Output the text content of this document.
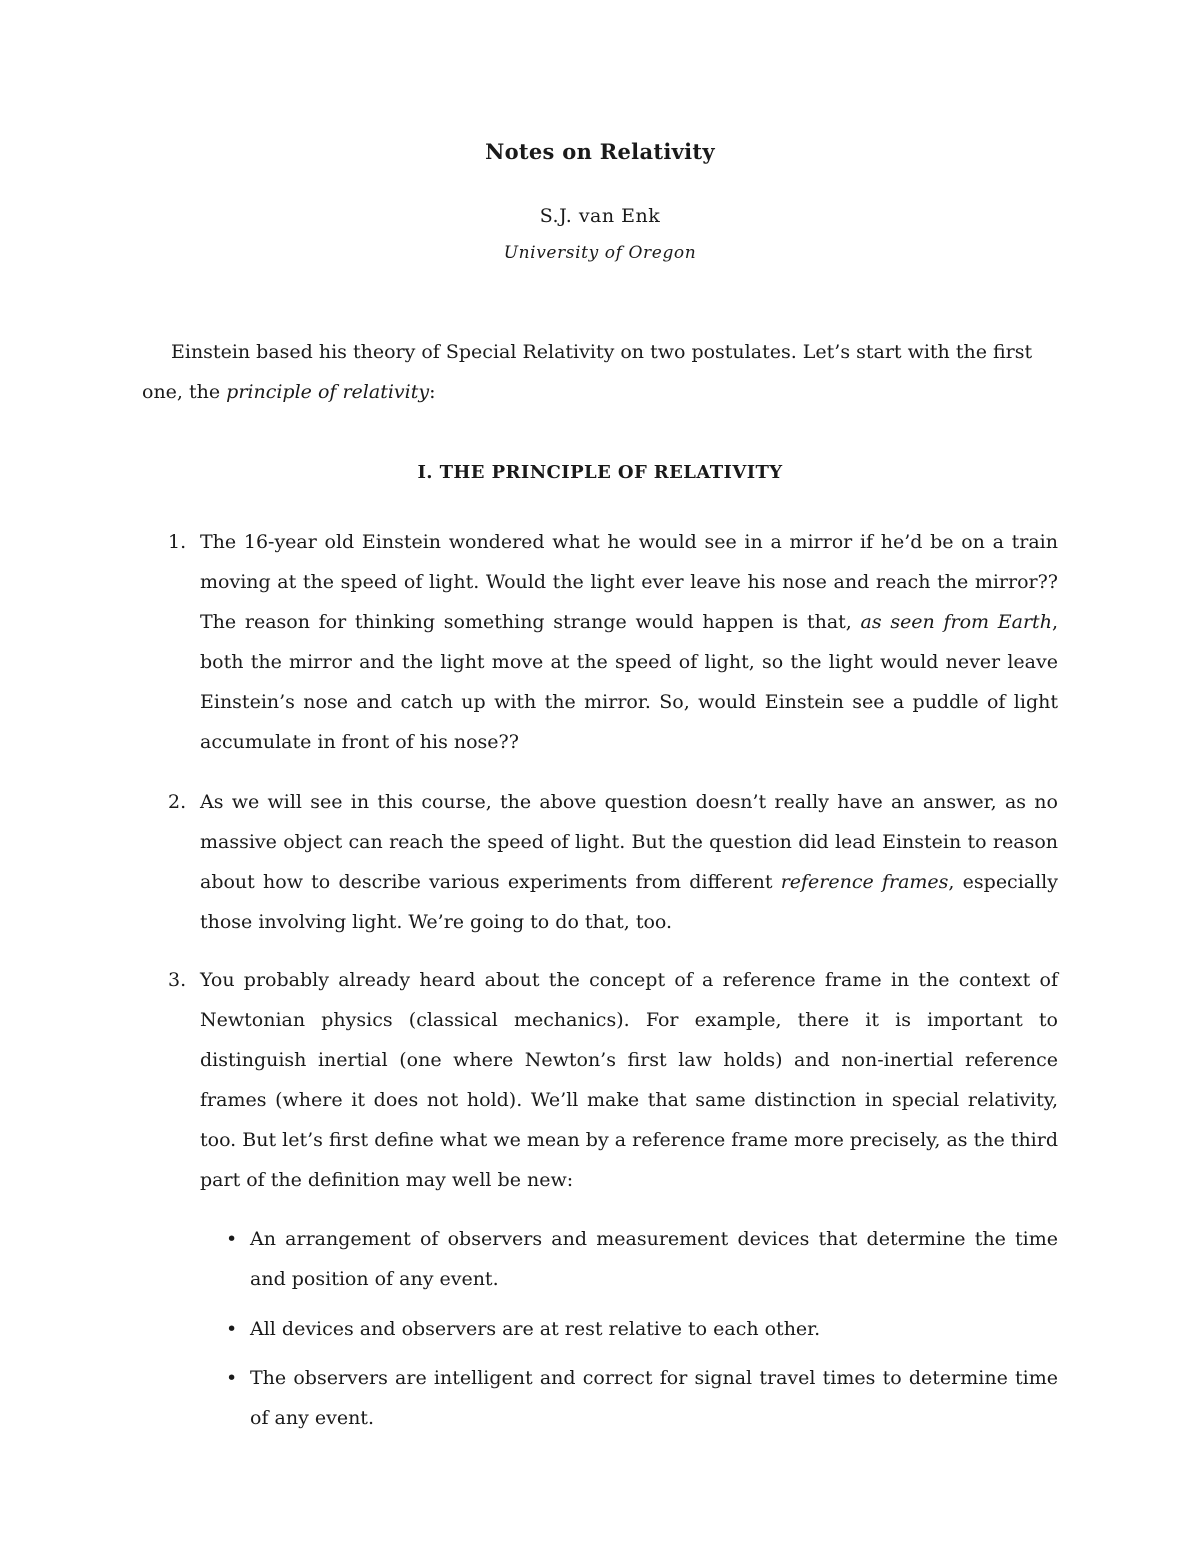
Notes on Relativity
S.J. van Enk
University of Oregon
Einstein based his theory of Special Relativity on two postulates. Let’s start with the first one, the principle of relativity:
I. THE PRINCIPLE OF RELATIVITY
1. The 16-year old Einstein wondered what he would see in a mirror if he’d be on a train moving at the speed of light. Would the light ever leave his nose and reach the mirror?? The reason for thinking something strange would happen is that, as seen from Earth, both the mirror and the light move at the speed of light, so the light would never leave Einstein’s nose and catch up with the mirror. So, would Einstein see a puddle of light accumulate in front of his nose??
2. As we will see in this course, the above question doesn’t really have an answer, as no massive object can reach the speed of light. But the question did lead Einstein to reason about how to describe various experiments from different reference frames, especially those involving light. We’re going to do that, too.
3. You probably already heard about the concept of a reference frame in the context of Newtonian physics (classical mechanics). For example, there it is important to distinguish inertial (one where Newton’s first law holds) and non-inertial reference frames (where it does not hold). We’ll make that same distinction in special relativity, too. But let’s first define what we mean by a reference frame more precisely, as the third part of the definition may well be new:
• An arrangement of observers and measurement devices that determine the time and position of any event.
• All devices and observers are at rest relative to each other.
• The observers are intelligent and correct for signal travel times to determine time of any event.
